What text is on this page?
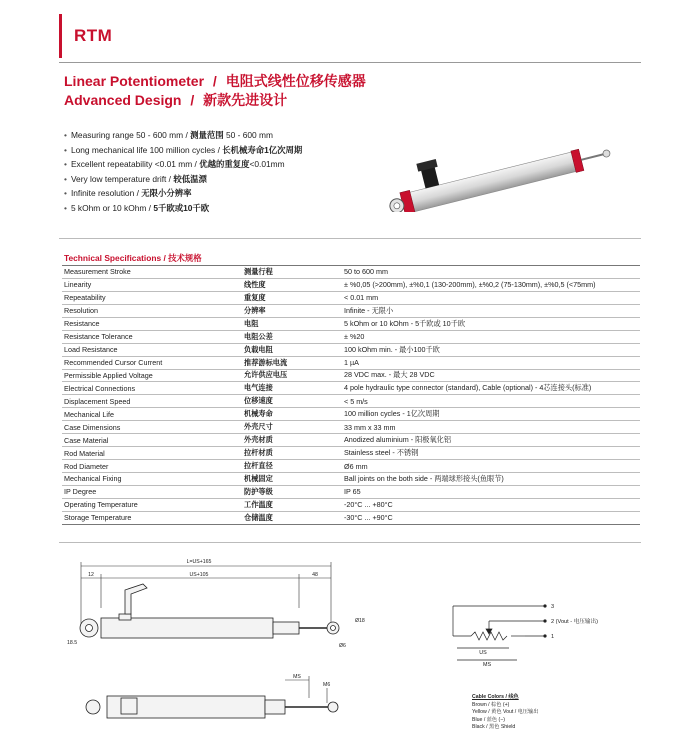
RTM
Linear Potentiometer / 电阻式线性位移传感器
Advanced Design / 新款先进设计
• Measuring range 50 - 600 mm / 测量范围 50 - 600 mm
• Long mechanical life 100 million cycles / 长机械寿命1亿次周期
• Excellent repeatability <0.01 mm / 优越的重复度<0.01mm
• Very low temperature drift / 较低温漂
• Infinite resolution / 无限小分辨率
• 5 kOhm or 10 kOhm / 5千欧或10千欧
Technical Specifications / 技术规格
Measurement Stroke	测量行程	50 to 600 mm
Linearity	线性度	± %0,05 (>200mm), ±%0,1 (130-200mm), ±%0,2 (75-130mm), ±%0,5 (<75mm)
Repeatability	重复度	< 0.01 mm
Resolution	分辨率	Infinite - 无限小
Resistance	电阻	5 kOhm or 10 kOhm - 5千欧或 10千欧
Resistance Tolerance	电阻公差	± %20
Load Resistance	负载电阻	100 kOhm min. - 最小100千欧
Recommended Cursor Current	推荐游标电流	1 µA
Permissible Applied Voltage	允许供应电压	28 VDC max. - 最大 28 VDC
Electrical Connections	电气连接	4 pole hydraulic type connector (standard), Cable (optional) - 4芯连接头(标准)
Displacement Speed	位移速度	< 5 m/s
Mechanical Life	机械寿命	100 million cycles - 1亿次周期
Case Dimensions	外壳尺寸	33 mm x 33 mm
Case Material	外壳材质	Anodized aluminium - 阳极氧化铝
Rod Material	拉杆材质	Stainless steel - 不锈钢
Rod Diameter	拉杆直径	Ø6 mm
Mechanical Fixing	机械固定	Ball joints on the both side - 两端球形接头(鱼眼节)
IP Degree	防护等级	IP 65
Operating Temperature	工作温度	-20°C ... +80°C
Storage Temperature	仓储温度	-30°C ... +90°C
L=US+165
12	US+105	48
Ø18
Ø6
18.5
MS
M6
3
2 (Vout - 电压输出)
1
US
MS
Cable Colors / 线色
Brown / 棕色 (+)
Yellow / 黄色 Vout / 电压输出
Blue / 蓝色 (−)
Black / 黑色 Shield
